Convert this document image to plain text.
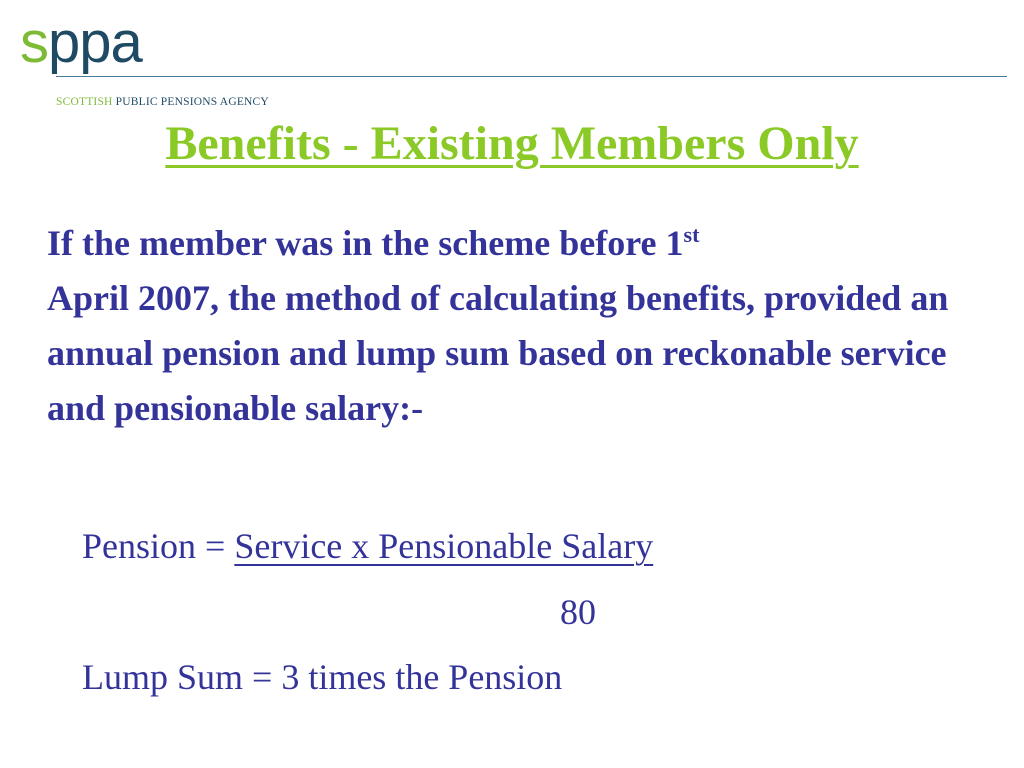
sppa
SCOTTISH PUBLIC PENSIONS AGENCY
Benefits - Existing Members Only

If the member was in the scheme before 1st
April 2007, the method of calculating benefits, provided an annual pension and lump sum based on reckonable service and pensionable salary:-

Pension = Service x Pensionable Salary
80
Lump Sum = 3 times the Pension
